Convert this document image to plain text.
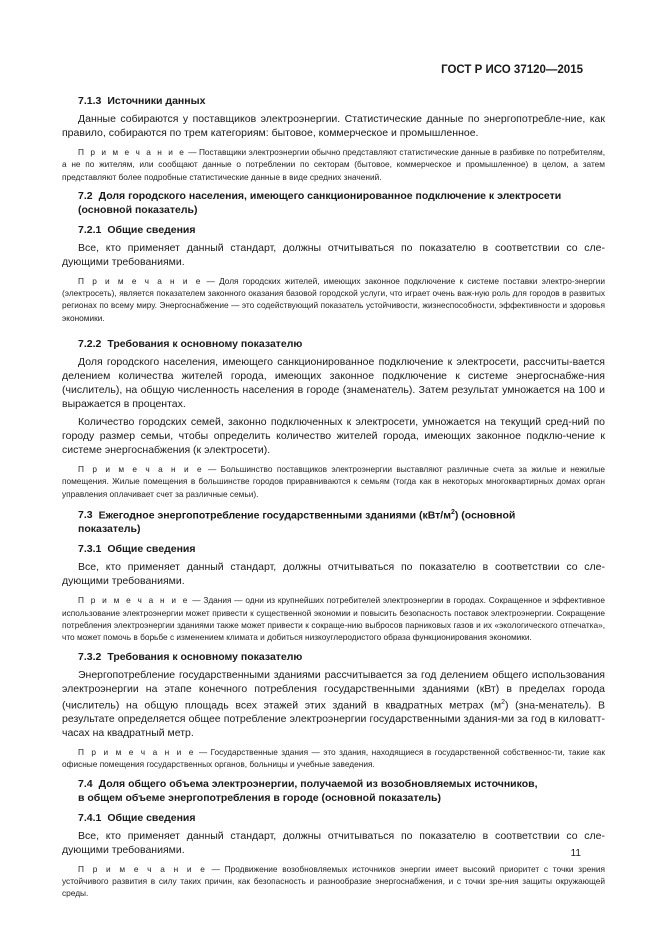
ГОСТ Р ИСО 37120—2015
7.1.3 Источники данных

Данные собираются у поставщиков электроэнергии. Статистические данные по энергопотребле-ние, как правило, собираются по трем категориям: бытовое, коммерческое и промышленное.

П р и м е ч а н и е — Поставщики электроэнергии обычно представляют статистические данные в разбивке по потребителям, а не по жителям, или сообщают данные о потреблении по секторам (бытовое, коммерческое и промышленное) в целом, а затем представляют более подробные статистические данные в виде средних значений.

7.2 Доля городского населения, имеющего санкционированное подключение к электросети
(основной показатель)
7.2.1 Общие сведения

Все, кто применяет данный стандарт, должны отчитываться по показателю в соответствии со сле-дующими требованиями.

П р и м е ч а н и е — Доля городских жителей, имеющих законное подключение к системе поставки электро-энергии (электросеть), является показателем законного оказания базовой городской услуги, что играет очень важ-ную роль для городов в развитых регионах по всему миру. Энергоснабжение — это содействующий показатель устойчивости, жизнеспособности, эффективности и здоровья экономики.

7.2.2 Требования к основному показателю

Доля городского населения, имеющего санкционированное подключение к электросети, рассчиты-вается делением количества жителей города, имеющих законное подключение к системе энергоснабже-ния (числитель), на общую численность населения в городе (знаменатель). Затем результат умножается на 100 и выражается в процентах.

Количество городских семей, законно подключенных к электросети, умножается на текущий сред-ний по городу размер семьи, чтобы определить количество жителей города, имеющих законное подклю-чение к системе энергоснабжения (к электросети).

П р и м е ч а н и е — Большинство поставщиков электроэнергии выставляют различные счета за жилые и нежилые помещения. Жилые помещения в большинстве городов приравниваются к семьям (тогда как в некоторых многоквартирных домах орган управления оплачивает счет за различные семьи).

7.3 Ежегодное энергопотребление государственными зданиями $(кВт/м^2)$ (основной
показатель)
7.3.1 Общие сведения

Все, кто применяет данный стандарт, должны отчитываться по показателю в соответствии со сле-дующими требованиями.

П р и м е ч а н и е — Здания — одни из крупнейших потребителей электроэнергии в городах. Сокращенное и эффективное использование электроэнергии может привести к существенной экономии и повысить безопасность поставок электроэнергии. Сокращение потребления электроэнергии зданиями также может привести к сокраще-нию выбросов парниковых газов и их «экологического отпечатка», что может помочь в борьбе с изменением климата и добиться низкоуглеродистого образа функционирования экономики.

7.3.2 Требования к основному показателю

Энергопотребление государственными зданиями рассчитывается за год делением общего использования электроэнергии на этапе конечного потребления государственными зданиями (кВт) в пределах города (числитель) на общую площадь всех этажей этих зданий в квадратных метрах $(м^2)$ (зна-менатель). В результате определяется общее потребление электроэнергии государственными здания-ми за год в киловатт-часах на квадратный метр.

П р и м е ч а н и е — Государственные здания — это здания, находящиеся в государственной собственнос-ти, такие как офисные помещения государственных органов, больницы и учебные заведения.

7.4 Доля общего объема электроэнергии, получаемой из возобновляемых источников,
в общем объеме энергопотребления в городе (основной показатель)
7.4.1 Общие сведения

Все, кто применяет данный стандарт, должны отчитываться по показателю в соответствии со сле-дующими требованиями.

П р и м е ч а н и е — Продвижение возобновляемых источников энергии имеет высокий приоритет с точки зрения устойчивого развития в силу таких причин, как безопасность и разнообразие энергоснабжения, и с точки зре-ния защиты окружающей среды.

11
